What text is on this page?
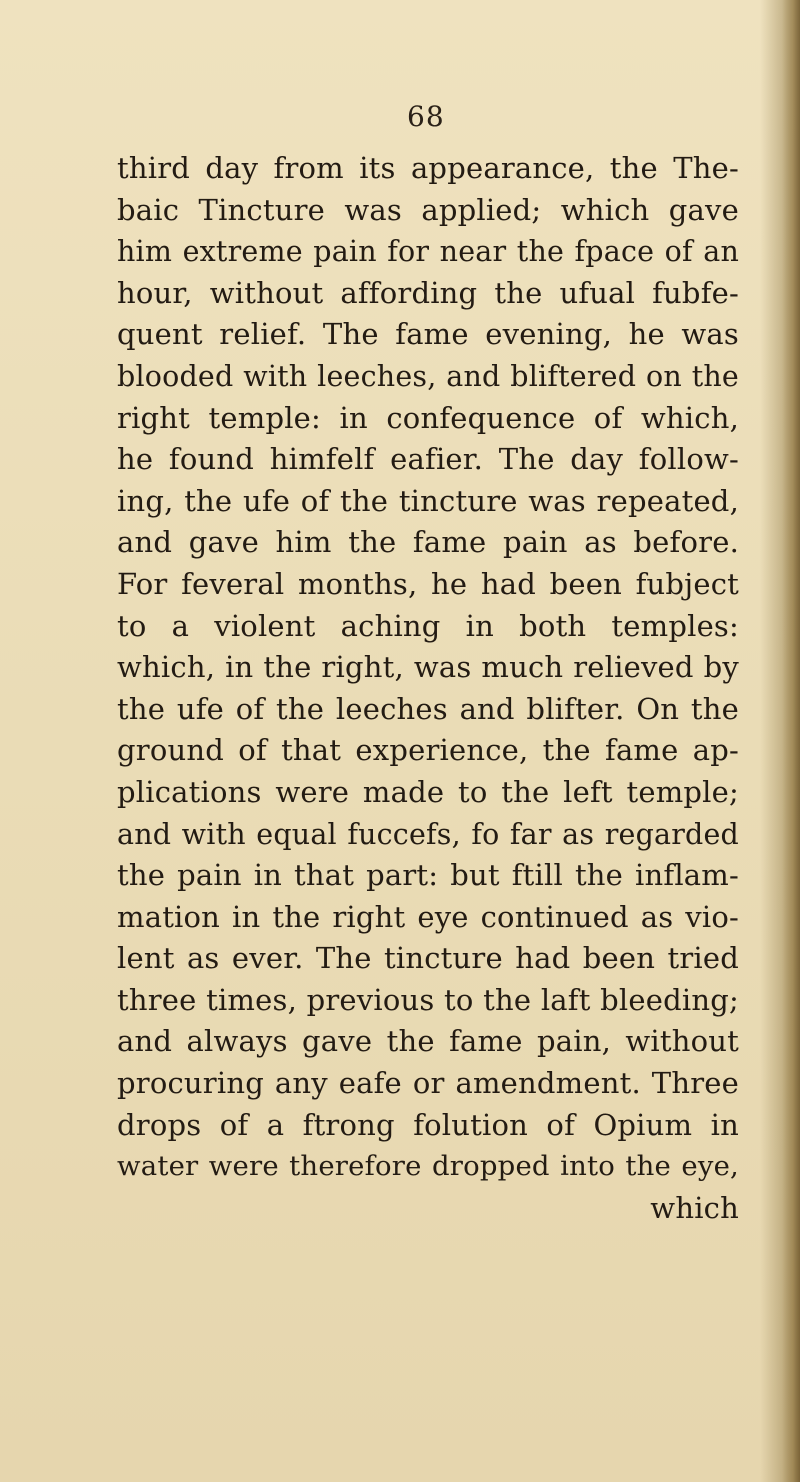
68
third day from its appearance, the The-
baic Tincture was applied; which gave
him extreme pain for near the fpace of an
hour, without affording the ufual fubfe-
quent relief. The fame evening, he was
blooded with leeches, and bliftered on the
right temple: in confequence of which,
he found himfelf eafier. The day follow-
ing, the ufe of the tincture was repeated,
and gave him the fame pain as before.
For feveral months, he had been fubject
to a violent aching in both temples:
which, in the right, was much relieved by
the ufe of the leeches and blifter. On the
ground of that experience, the fame ap-
plications were made to the left temple;
and with equal fuccefs, fo far as regarded
the pain in that part: but ftill the inflam-
mation in the right eye continued as vio-
lent as ever. The tincture had been tried
three times, previous to the laft bleeding;
and always gave the fame pain, without
procuring any eafe or amendment. Three
drops of a ftrong folution of Opium in
water were therefore dropped into the eye,
which
